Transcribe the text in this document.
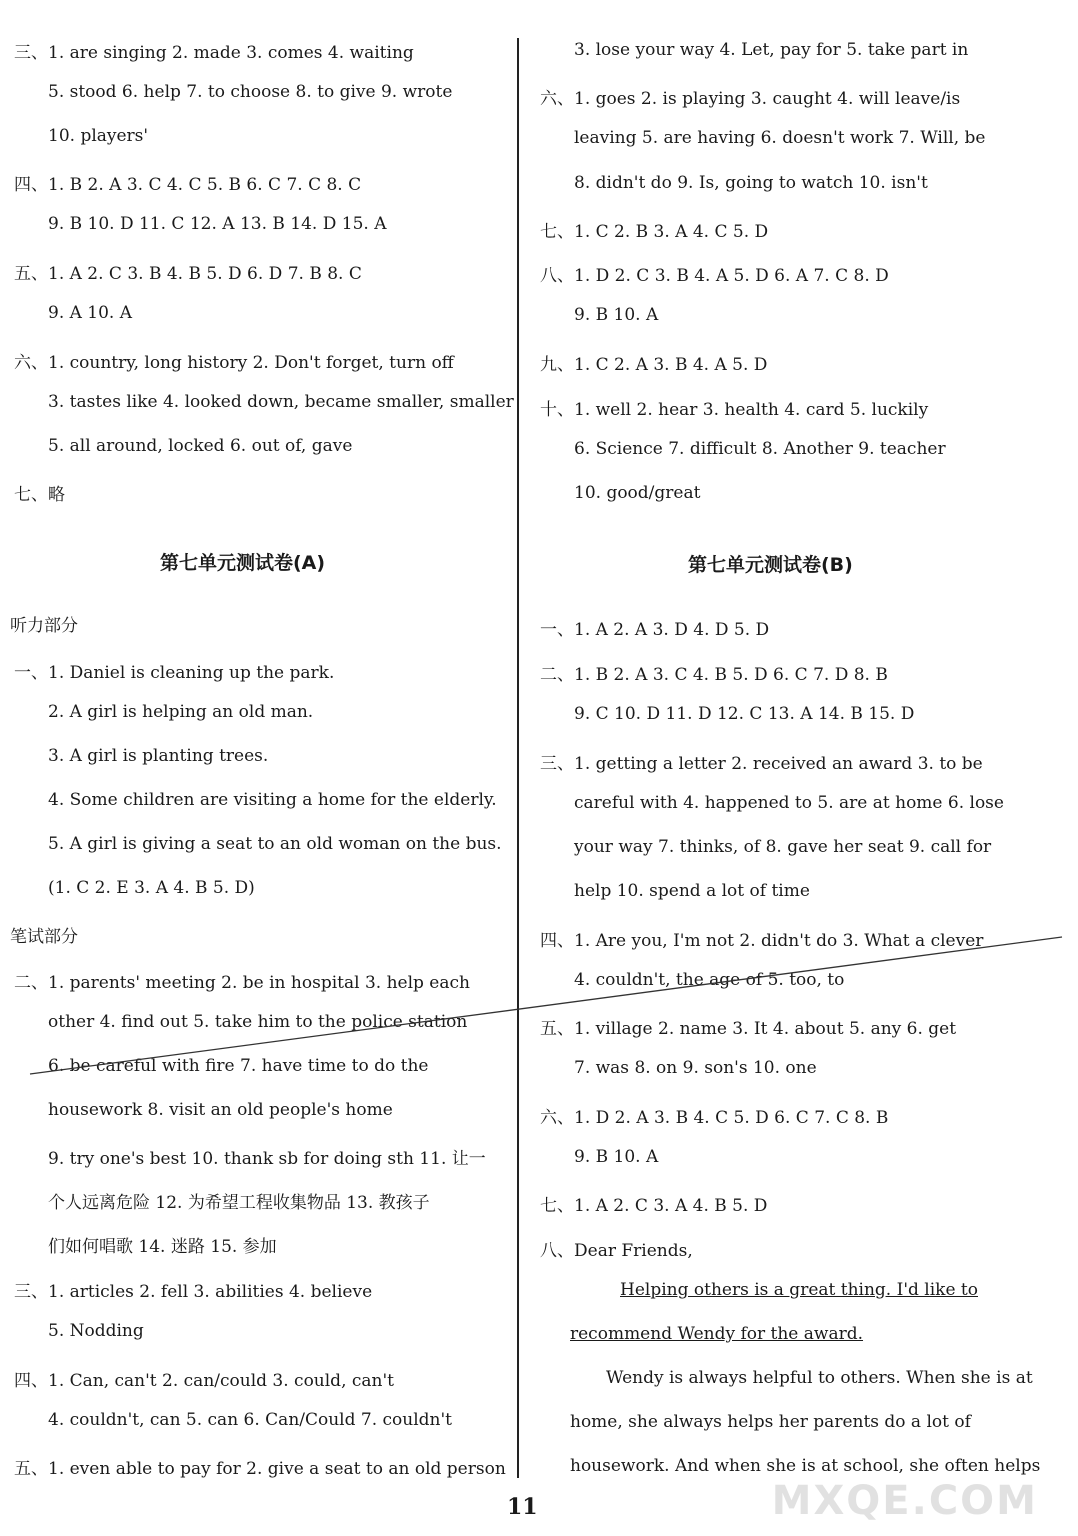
三、1. are singing 2. made 3. comes 4. waiting
5. stood 6. help 7. to choose 8. to give 9. wrote
10. players'
四、1. B 2. A 3. C 4. C 5. B 6. C 7. C 8. C
9. B 10. D 11. C 12. A 13. B 14. D 15. A
五、1. A 2. C 3. B 4. B 5. D 6. D 7. B 8. C
9. A 10. A
六、1. country, long history 2. Don't forget, turn off
3. tastes like 4. looked down, became smaller, smaller
5. all around, locked 6. out of, gave
七、略
第七单元测试卷(A)
听力部分
一、1. Daniel is cleaning up the park.
2. A girl is helping an old man.
3. A girl is planting trees.
4. Some children are visiting a home for the elderly.
5. A girl is giving a seat to an old woman on the bus.
(1. C 2. E 3. A 4. B 5. D)
笔试部分
二、1. parents' meeting 2. be in hospital 3. help each
other 4. find out 5. take him to the police station
6. be careful with fire 7. have time to do the
housework 8. visit an old people's home
9. try one's best 10. thank sb for doing sth 11. 让一
个人远离危险 12. 为希望工程收集物品 13. 教孩子
们如何唱歌 14. 迷路 15. 参加
三、1. articles 2. fell 3. abilities 4. believe
5. Nodding
四、1. Can, can't 2. can/could 3. could, can't
4. couldn't, can 5. can 6. Can/Could 7. couldn't
五、1. even able to pay for 2. give a seat to an old person
3. lose your way 4. Let, pay for 5. take part in
六、1. goes 2. is playing 3. caught 4. will leave/is
leaving 5. are having 6. doesn't work 7. Will, be
8. didn't do 9. Is, going to watch 10. isn't
七、1. C 2. B 3. A 4. C 5. D
八、1. D 2. C 3. B 4. A 5. D 6. A 7. C 8. D
9. B 10. A
九、1. C 2. A 3. B 4. A 5. D
十、1. well 2. hear 3. health 4. card 5. luckily
6. Science 7. difficult 8. Another 9. teacher
10. good/great
第七单元测试卷(B)
一、1. A 2. A 3. D 4. D 5. D
二、1. B 2. A 3. C 4. B 5. D 6. C 7. D 8. B
9. C 10. D 11. D 12. C 13. A 14. B 15. D
三、1. getting a letter 2. received an award 3. to be
careful with 4. happened to 5. are at home 6. lose
your way 7. thinks, of 8. gave her seat 9. call for
help 10. spend a lot of time
四、1. Are you, I'm not 2. didn't do 3. What a clever
4. couldn't, the age of 5. too, to
五、1. village 2. name 3. It 4. about 5. any 6. get
7. was 8. on 9. son's 10. one
六、1. D 2. A 3. B 4. C 5. D 6. C 7. C 8. B
9. B 10. A
七、1. A 2. C 3. A 4. B 5. D
八、Dear Friends,
Helping others is a great thing. I'd like to
recommend Wendy for the award.
Wendy is always helpful to others. When she is at
home, she always helps her parents do a lot of
housework. And when she is at school, she often helps
11	MXQE.COM
